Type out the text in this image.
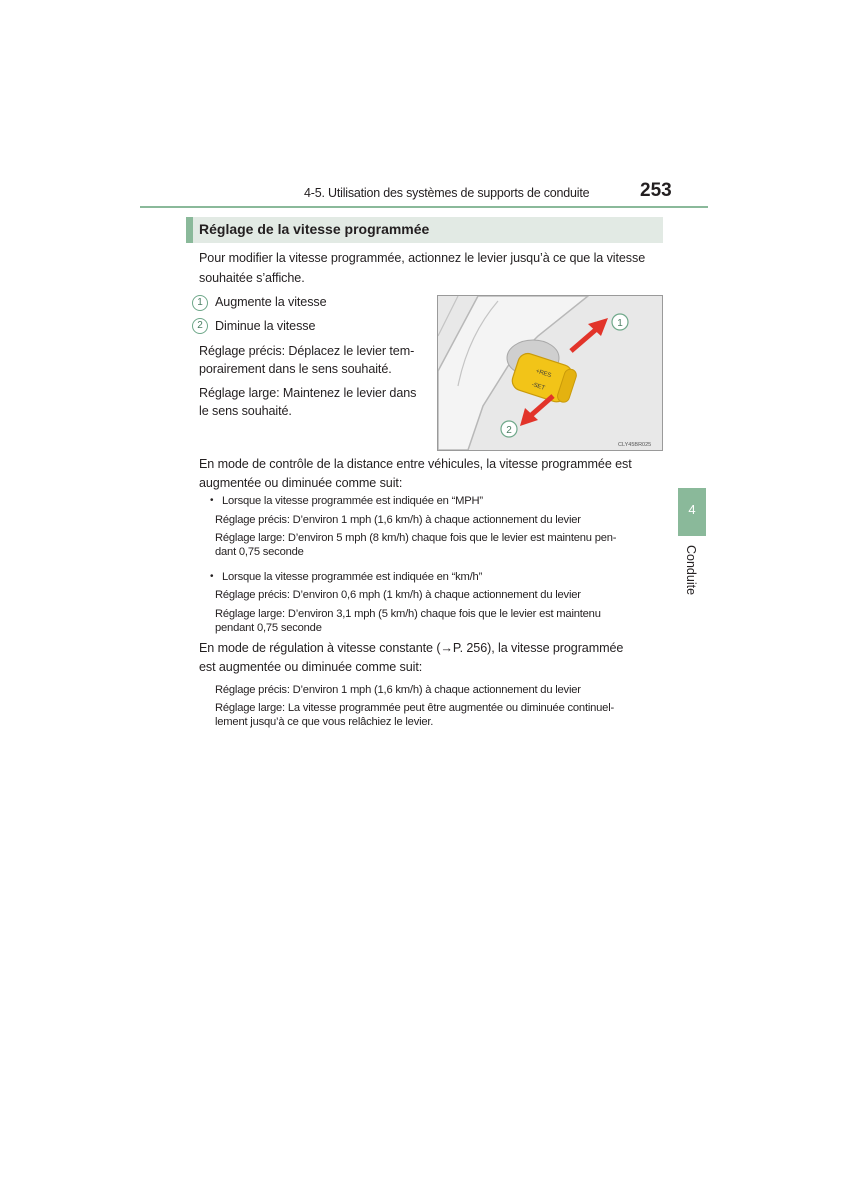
4-5. Utilisation des systèmes de supports de conduite	253
Réglage de la vitesse programmée
Pour modifier la vitesse programmée, actionnez le levier jusqu’à ce que la vitesse
souhaitée s’affiche.
1 Augmente la vitesse
2 Diminue la vitesse
Réglage précis: Déplacez le levier tem-
porairement dans le sens souhaité.
Réglage large: Maintenez le levier dans
le sens souhaité.
+RES
-SET
1
2
CLY45BR025
En mode de contrôle de la distance entre véhicules, la vitesse programmée est
augmentée ou diminuée comme suit:
• Lorsque la vitesse programmée est indiquée en “MPH”
Réglage précis: D’environ 1 mph (1,6 km/h) à chaque actionnement du levier
Réglage large: D’environ 5 mph (8 km/h) chaque fois que le levier est maintenu pen-
dant 0,75 seconde
• Lorsque la vitesse programmée est indiquée en “km/h”
Réglage précis: D’environ 0,6 mph (1 km/h) à chaque actionnement du levier
Réglage large: D’environ 3,1 mph (5 km/h) chaque fois que le levier est maintenu
pendant 0,75 seconde
En mode de régulation à vitesse constante (→P. 256), la vitesse programmée
est augmentée ou diminuée comme suit:
Réglage précis: D’environ 1 mph (1,6 km/h) à chaque actionnement du levier
Réglage large: La vitesse programmée peut être augmentée ou diminuée continuel-
lement jusqu’à ce que vous relâchiez le levier.
4
Conduite
